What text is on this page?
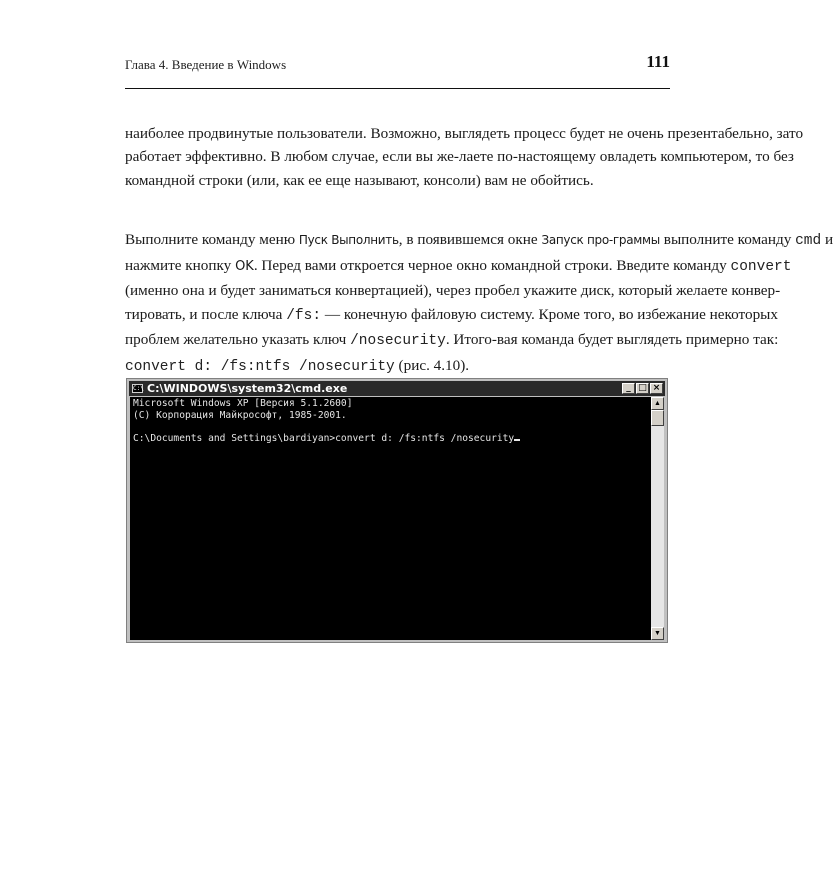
Глава 4. Введение в Windows	111

наиболее продвинутые пользователи. Возможно, выглядеть процесс будет не очень презентабельно, зато
работает эффективно. В любом случае, если вы же-лаете по-настоящему овладеть компьютером, то без
командной строки (или, как ее еще называют, консоли) вам не обойтись.

Выполните команду меню Пуск Выполнить, в появившемся окне Запуск про-граммы выполните команду cmd и
нажмите кнопку OK. Перед вами откроется черное окно командной строки. Введите команду convert
(именно она и будет заниматься конвертацией), через пробел укажите диск, который желаете конвер-
тировать, и после ключа /fs: — конечную файловую систему. Кроме того, во избежание некоторых
проблем желательно указать ключ /nosecurity. Итого-вая команда будет выглядеть примерно так:
convert d: /fs:ntfs /nosecurity (рис. 4.10).

C:\ C:\WINDOWS\system32\cmd.exe	_ □ ×
Microsoft Windows XP [Версия 5.1.2600]
(С) Корпорация Майкрософт, 1985-2001.

C:\Documents and Settings\bardiyan>convert d: /fs:ntfs /nosecurity
▲
▼
